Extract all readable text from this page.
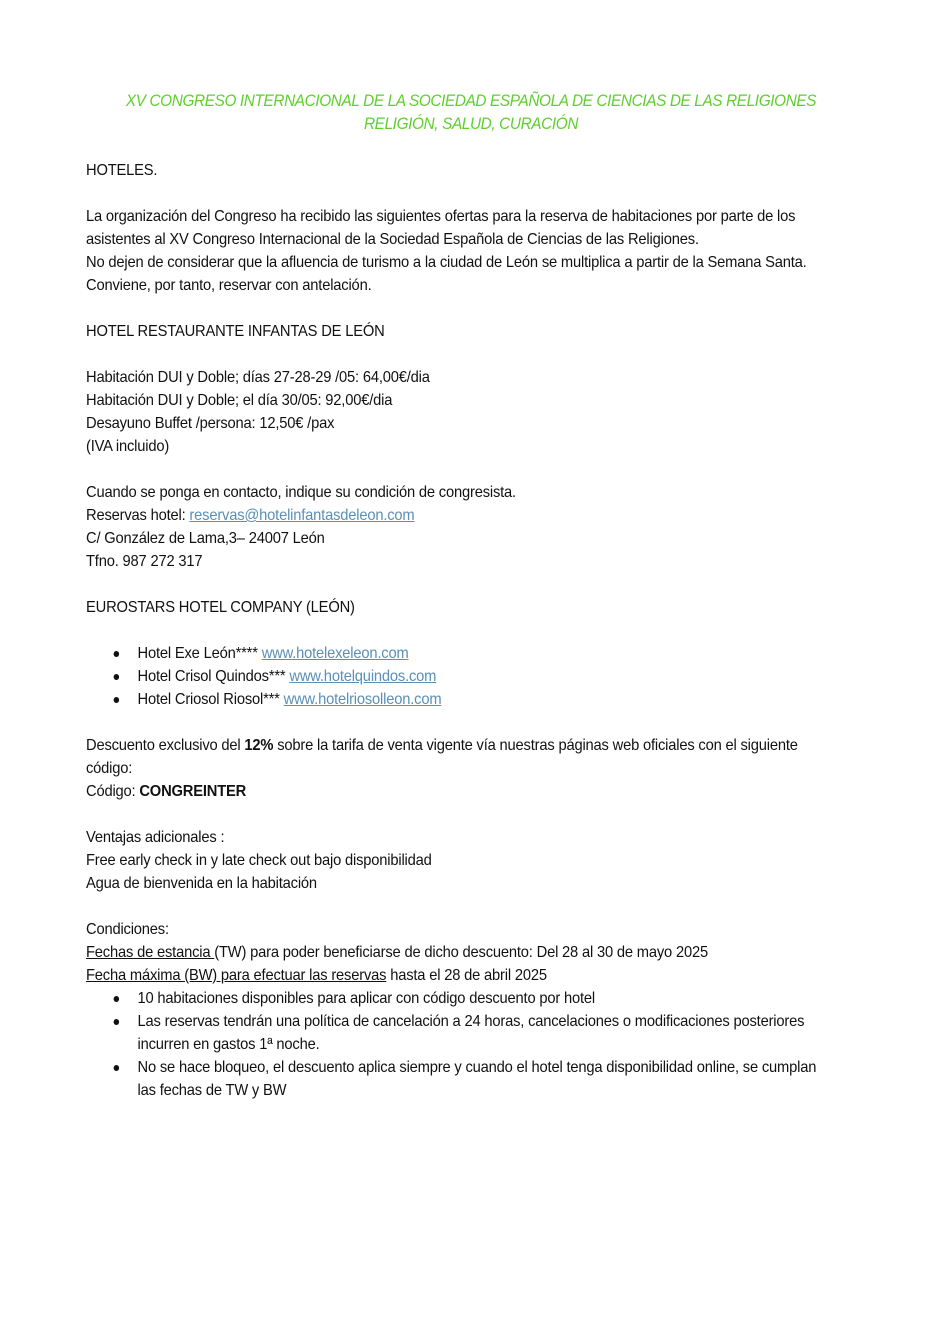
XV CONGRESO INTERNACIONAL DE LA SOCIEDAD ESPAÑOLA DE CIENCIAS DE LAS RELIGIONES RELIGIÓN, SALUD, CURACIÓN

HOTELES.

La organización del Congreso ha recibido las siguientes ofertas para la reserva de habitaciones por parte de los

asistentes al XV Congreso Internacional de la Sociedad Española de Ciencias de las Religiones.

No dejen de considerar que la afluencia de turismo a la ciudad de León se multiplica a partir de la Semana Santa.

Conviene, por tanto, reservar con antelación.

HOTEL RESTAURANTE INFANTAS DE LEÓN

Habitación DUI y Doble; días 27-28-29 /05: 64,00€/dia

Habitación DUI y Doble; el día 30/05: 92,00€/dia

Desayuno Buffet /persona: 12,50€ /pax

(IVA incluido)

Cuando se ponga en contacto, indique su condición de congresista.

Reservas hotel: reservas@hotelinfantasdeleon.com

C/ González de Lama,3– 24007 León

Tfno. 987 272 317

EUROSTARS HOTEL COMPANY (LEÓN)

Hotel Exe León**** www.hotelexeleon.com
Hotel Crisol Quindos*** www.hotelquindos.com
Hotel Criosol Riosol*** www.hotelriosolleon.com

Descuento exclusivo del 12% sobre la tarifa de venta vigente vía nuestras páginas web oficiales con el siguiente

código:

Código: CONGREINTER

Ventajas adicionales :

Free early check in y late check out bajo disponibilidad

Agua de bienvenida en la habitación

Condiciones:

Fechas de estancia (TW) para poder beneficiarse de dicho descuento: Del 28 al 30 de mayo 2025

Fecha máxima (BW) para efectuar las reservas hasta el 28 de abril 2025

10 habitaciones disponibles para aplicar con código descuento por hotel
Las reservas tendrán una política de cancelación a 24 horas, cancelaciones o modificaciones posteriores incurren en gastos 1ª noche.
No se hace bloqueo, el descuento aplica siempre y cuando el hotel tenga disponibilidad online, se cumplan las fechas de TW y BW
